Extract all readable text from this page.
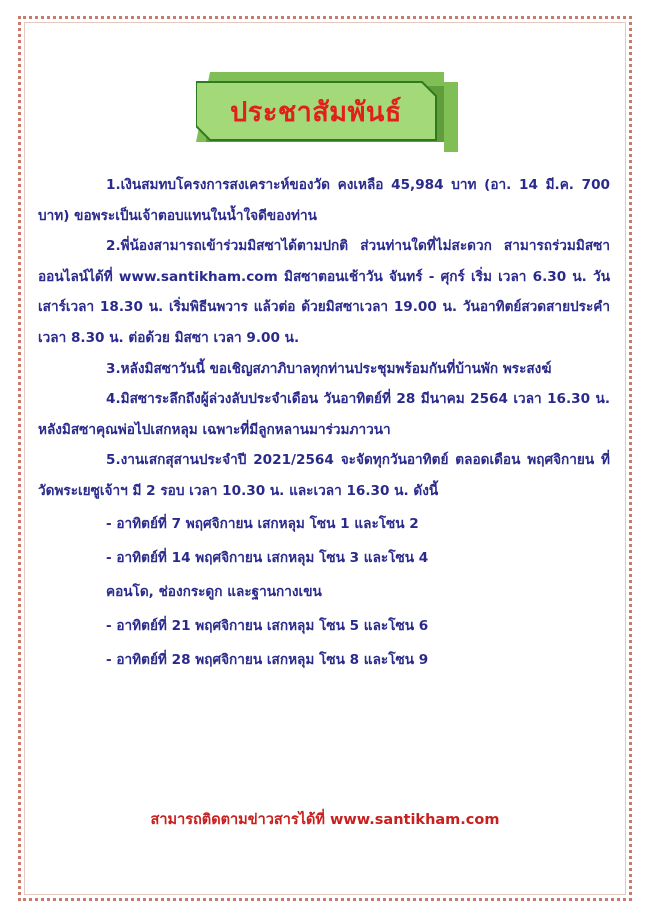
ประชาสัมพันธ์

1.เงินสมทบโครงการสงเคราะห์ของวัด คงเหลือ 45,984 บาท (อา. 14 มี.ค. 700 บาท) ขอพระเป็นเจ้าตอบแทนในน้ำใจดีของท่าน

2.พี่น้องสามารถเข้าร่วมมิสซาได้ตามปกติ ส่วนท่านใดที่ไม่สะดวก สามารถร่วมมิสซาออนไลน์ได้ที่ www.santikham.com มิสซาตอนเช้าวัน จันทร์ - ศุกร์ เริ่ม เวลา 6.30 น. วันเสาร์เวลา 18.30 น. เริ่มพิธีนพวาร แล้วต่อ ด้วยมิสซาเวลา 19.00 น. วันอาทิตย์สวดสายประคำเวลา 8.30 น. ต่อด้วย มิสซา เวลา 9.00 น.

3.หลังมิสซาวันนี้ ขอเชิญสภาภิบาลทุกท่านประชุมพร้อมกันที่บ้านพัก พระสงฆ์

4.มิสซาระลึกถึงผู้ล่วงลับประจำเดือน วันอาทิตย์ที่ 28 มีนาคม 2564 เวลา 16.30 น. หลังมิสซาคุณพ่อไปเสกหลุม เฉพาะที่มีลูกหลานมาร่วมภาวนา

5.งานเสกสุสานประจำปี 2021/2564 จะจัดทุกวันอาทิตย์ ตลอดเดือน พฤศจิกายน ที่วัดพระเยซูเจ้าฯ มี 2 รอบ เวลา 10.30 น. และเวลา 16.30 น. ดังนี้

- อาทิตย์ที่ 7 พฤศจิกายน เสกหลุม โซน 1 และโซน 2
- อาทิตย์ที่ 14 พฤศจิกายน เสกหลุม โซน 3 และโซน 4
คอนโด, ช่องกระดูก และฐานกางเขน
- อาทิตย์ที่ 21 พฤศจิกายน เสกหลุม โซน 5 และโซน 6
- อาทิตย์ที่ 28 พฤศจิกายน เสกหลุม โซน 8 และโซน 9
สามารถติดตามข่าวสารได้ที่ www.santikham.com
